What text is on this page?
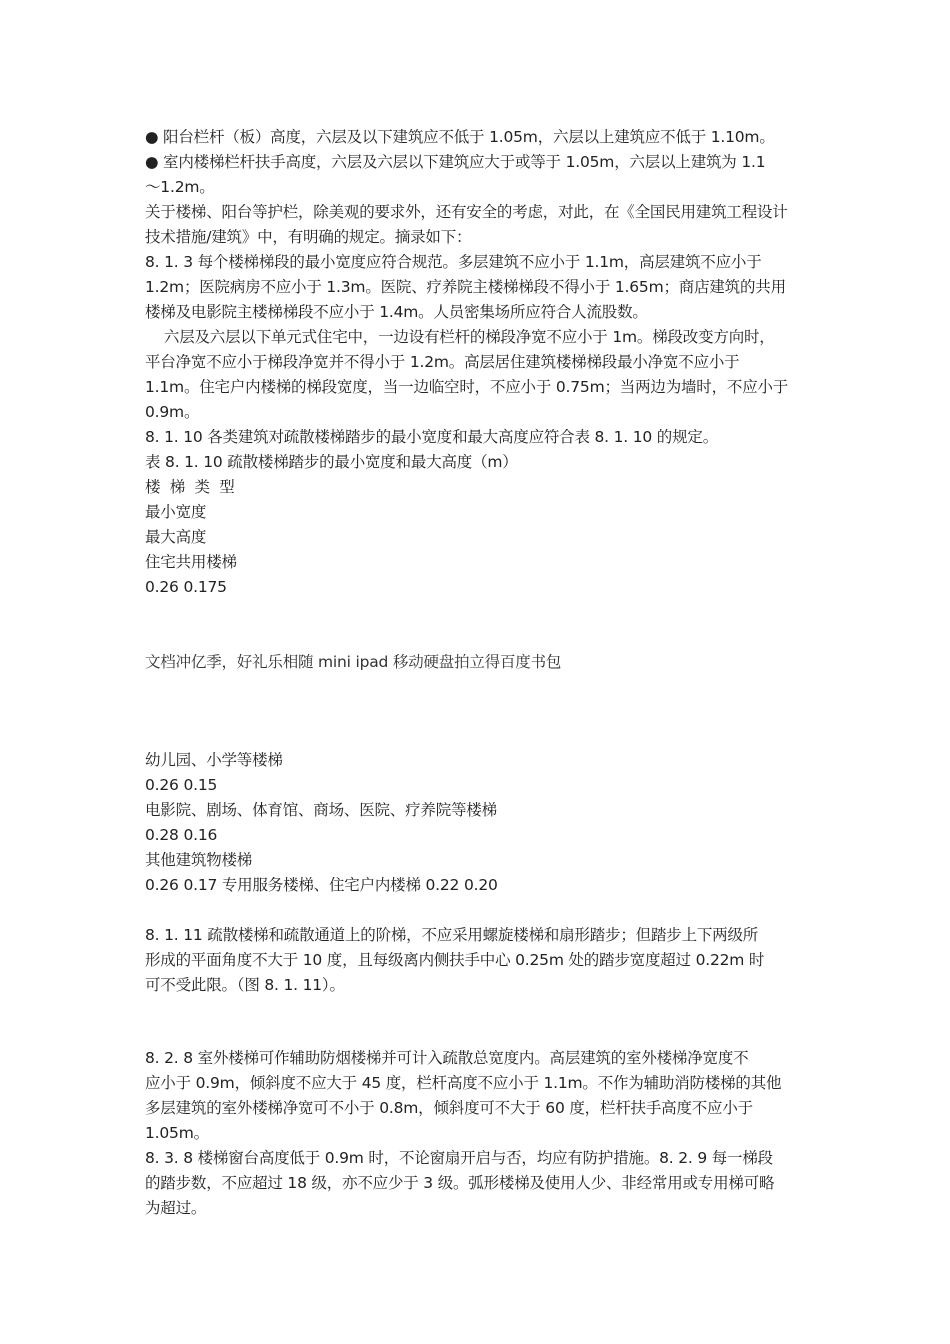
● 阳台栏杆（板）高度，六层及以下建筑应不低于 1.05m，六层以上建筑应不低于 1.10m。
● 室内楼梯栏杆扶手高度，六层及六层以下建筑应大于或等于 1.05m，六层以上建筑为 1.1
～1.2m。
关于楼梯、阳台等护栏，除美观的要求外，还有安全的考虑，对此，在《全国民用建筑工程设计
技术措施/建筑》中，有明确的规定。摘录如下：
8. 1. 3 每个楼梯梯段的最小宽度应符合规范。多层建筑不应小于 1.1m，高层建筑不应小于
1.2m；医院病房不应小于 1.3m。医院、疗养院主楼梯梯段不得小于 1.65m；商店建筑的共用
楼梯及电影院主楼梯梯段不应小于 1.4m。人员密集场所应符合人流股数。
六层及六层以下单元式住宅中，一边设有栏杆的梯段净宽不应小于 1m。梯段改变方向时，
平台净宽不应小于梯段净宽并不得小于 1.2m。高层居住建筑楼梯梯段最小净宽不应小于
1.1m。住宅户内楼梯的梯段宽度，当一边临空时，不应小于 0.75m；当两边为墙时，不应小于
0.9m。
8. 1. 10 各类建筑对疏散楼梯踏步的最小宽度和最大高度应符合表 8. 1. 10 的规定。
表 8. 1. 10 疏散楼梯踏步的最小宽度和最大高度（m）
楼  梯  类  型
最小宽度
最大高度
住宅共用楼梯
0.26 0.175
文档冲亿季，好礼乐相随 mini ipad 移动硬盘拍立得百度书包
幼儿园、小学等楼梯
0.26 0.15
电影院、剧场、体育馆、商场、医院、疗养院等楼梯
0.28 0.16
其他建筑物楼梯
0.26 0.17 专用服务楼梯、住宅户内楼梯 0.22 0.20
8. 1. 11 疏散楼梯和疏散通道上的阶梯，不应采用螺旋楼梯和扇形踏步；但踏步上下两级所
形成的平面角度不大于 10 度，且每级离内侧扶手中心 0.25m 处的踏步宽度超过 0.22m 时
可不受此限。（图 8. 1. 11）。
8. 2. 8 室外楼梯可作辅助防烟楼梯并可计入疏散总宽度内。高层建筑的室外楼梯净宽度不
应小于 0.9m，倾斜度不应大于 45 度，栏杆高度不应小于 1.1m。不作为辅助消防楼梯的其他
多层建筑的室外楼梯净宽可不小于 0.8m，倾斜度可不大于 60 度，栏杆扶手高度不应小于
1.05m。
8. 3. 8 楼梯窗台高度低于 0.9m 时，不论窗扇开启与否，均应有防护措施。8. 2. 9 每一梯段
的踏步数，不应超过 18 级，亦不应少于 3 级。弧形楼梯及使用人少、非经常用或专用梯可略
为超过。
